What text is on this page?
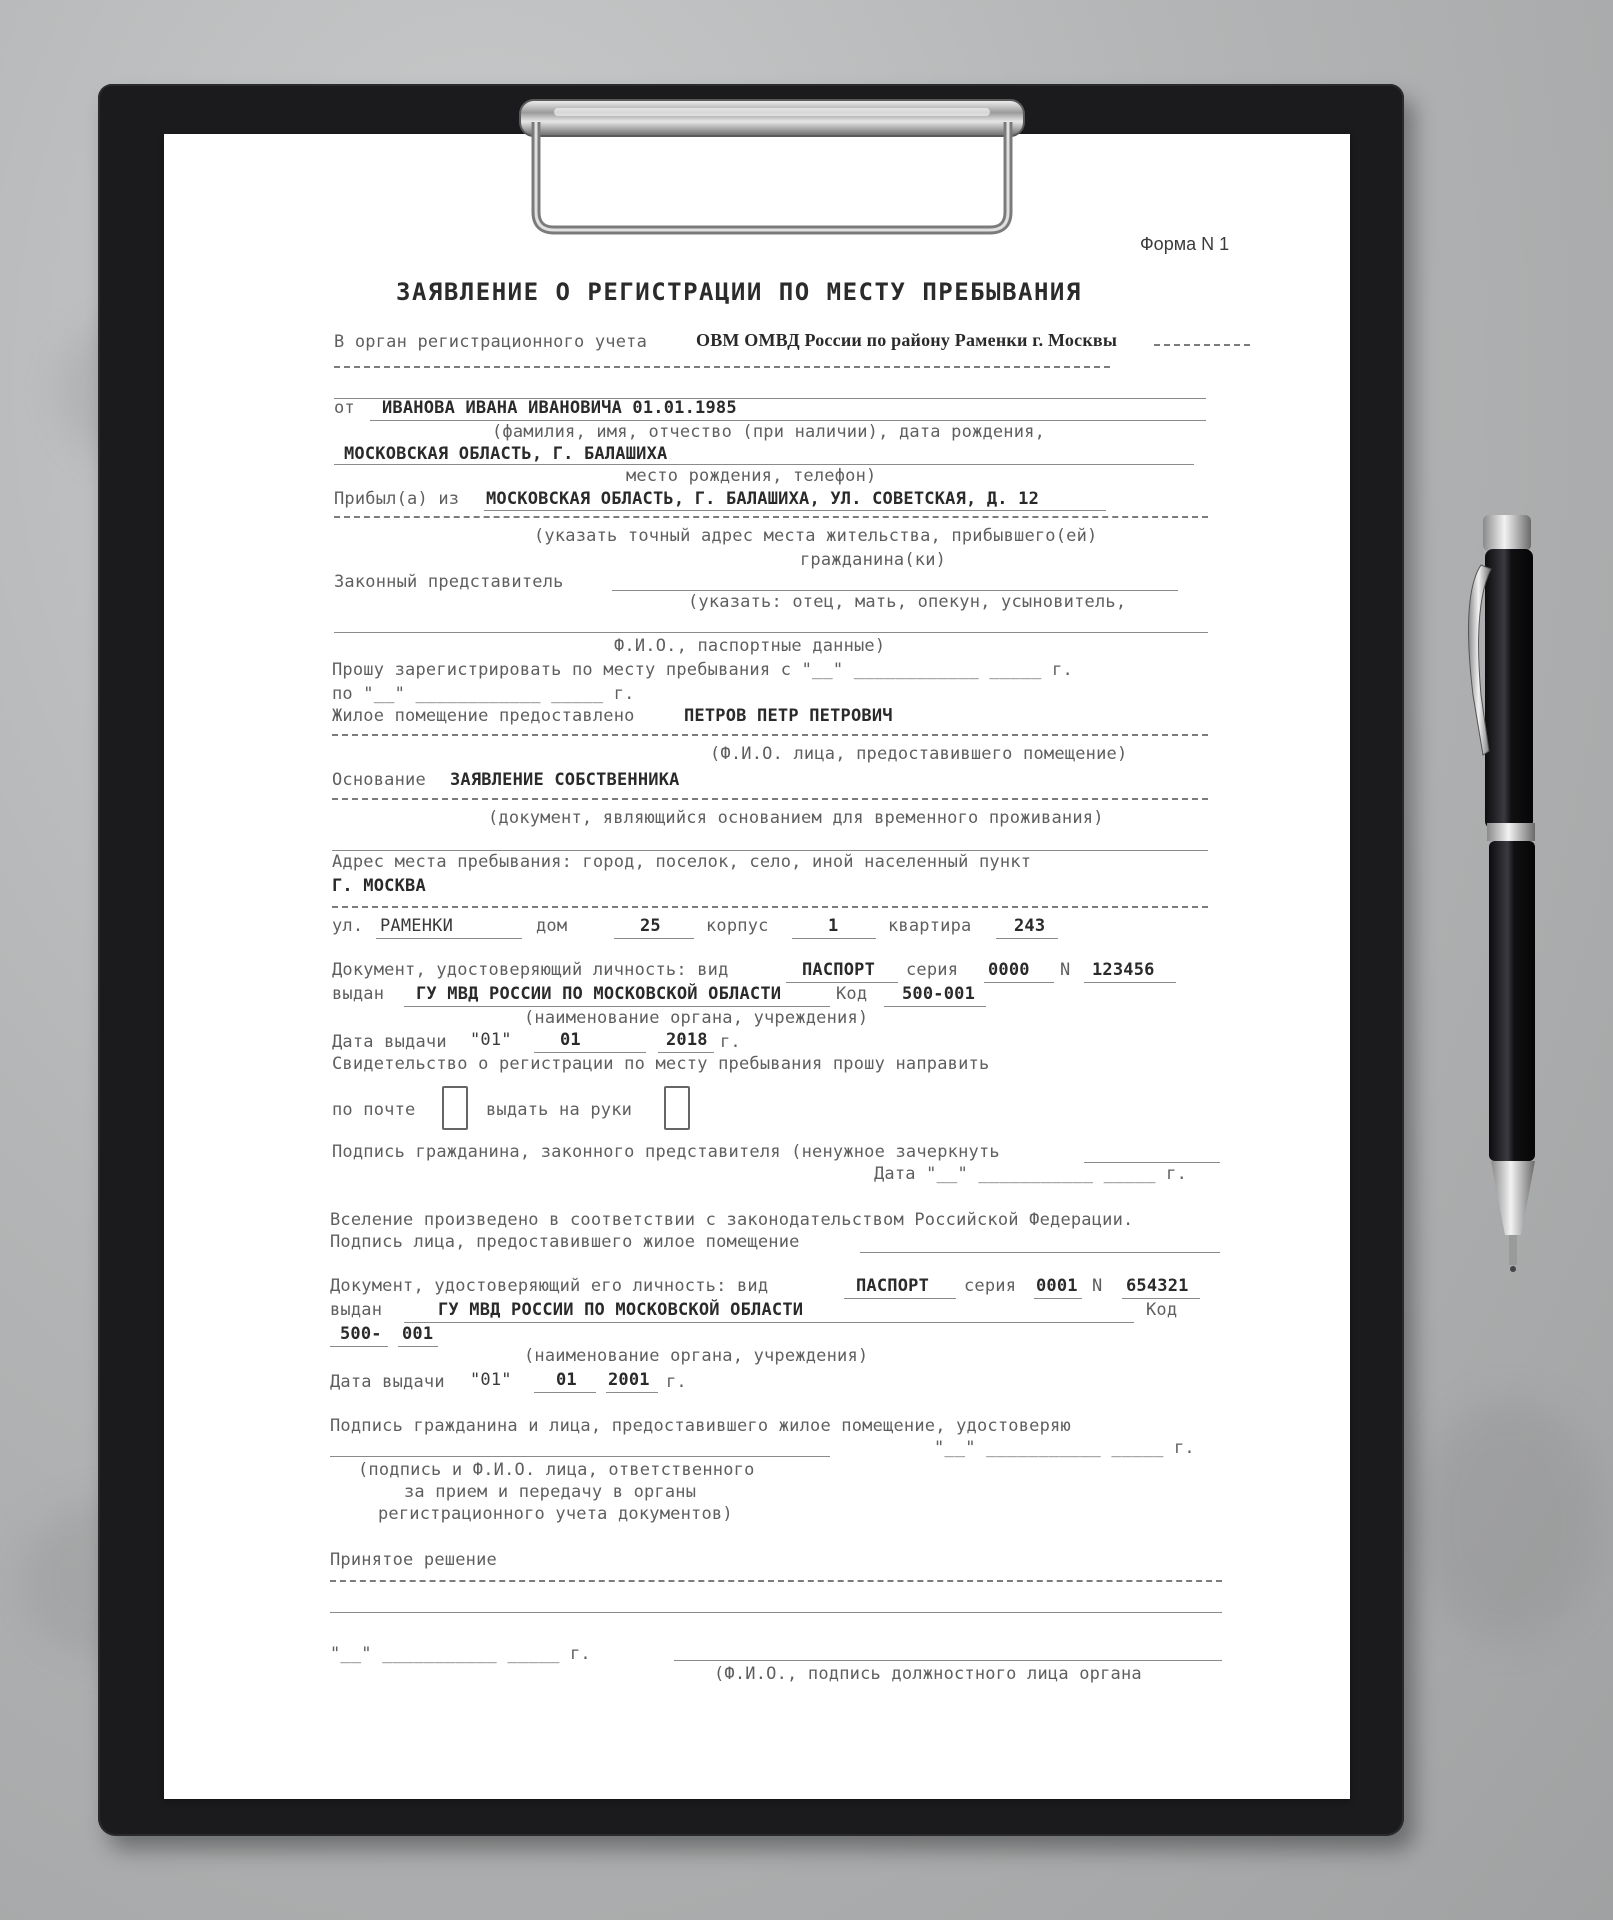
Форма N 1
ЗАЯВЛЕНИЕ О РЕГИСТРАЦИИ ПО МЕСТУ ПРЕБЫВАНИЯ
В орган регистрационного учета	ОВМ ОМВД России по району Раменки г. Москвы
от ИВАНОВА ИВАНА ИВАНОВИЧА 01.01.1985
(фамилия, имя, отчество (при наличии), дата рождения,
МОСКОВСКАЯ ОБЛАСТЬ, Г. БАЛАШИХА
место рождения, телефон)
Прибыл(а) из МОСКОВСКАЯ ОБЛАСТЬ, Г. БАЛАШИХА, УЛ. СОВЕТСКАЯ, Д. 12
(указать точный адрес места жительства, прибывшего(ей)
гражданина(ки)
Законный представитель
(указать: отец, мать, опекун, усыновитель,
Ф.И.О., паспортные данные)
Прошу зарегистрировать по месту пребывания с "__" ____________ _____ г.
по "__" ____________ _____ г.
Жилое помещение предоставлено	ПЕТРОВ ПЕТР ПЕТРОВИЧ
(Ф.И.О. лица, предоставившего помещение)
Основание ЗАЯВЛЕНИЕ СОБСТВЕННИКА
(документ, являющийся основанием для временного проживания)
Адрес места пребывания: город, поселок, село, иной населенный пункт
Г. МОСКВА
ул. РАМЕНКИ	дом	25	корпус	1	квартира	243
Документ, удостоверяющий личность: вид	ПАСПОРТ серия 0000 N 123456
выдан ГУ МВД РОССИИ ПО МОСКОВСКОЙ ОБЛАСТИ	Код 500-001
(наименование органа, учреждения)
Дата выдачи "01"	01	2018 г.
Свидетельство о регистрации по месту пребывания прошу направить
по почте	выдать на руки
Подпись гражданина, законного представителя (ненужное зачеркнуть
Дата "__" ___________ _____ г.
Вселение произведено в соответствии с законодательством Российской Федерации.
Подпись лица, предоставившего жилое помещение
Документ, удостоверяющий его личность: вид	ПАСПОРТ серия 0001 N 654321
выдан	ГУ МВД РОССИИ ПО МОСКОВСКОЙ ОБЛАСТИ	Код
500- 001
(наименование органа, учреждения)
Дата выдачи "01"	01 2001 г.
Подпись гражданина и лица, предоставившего жилое помещение, удостоверяю
"__" ___________ _____ г.
(подпись и Ф.И.О. лица, ответственного
за прием и передачу в органы
регистрационного учета документов)
Принятое решение
"__" ___________ _____ г.
(Ф.И.О., подпись должностного лица органа
